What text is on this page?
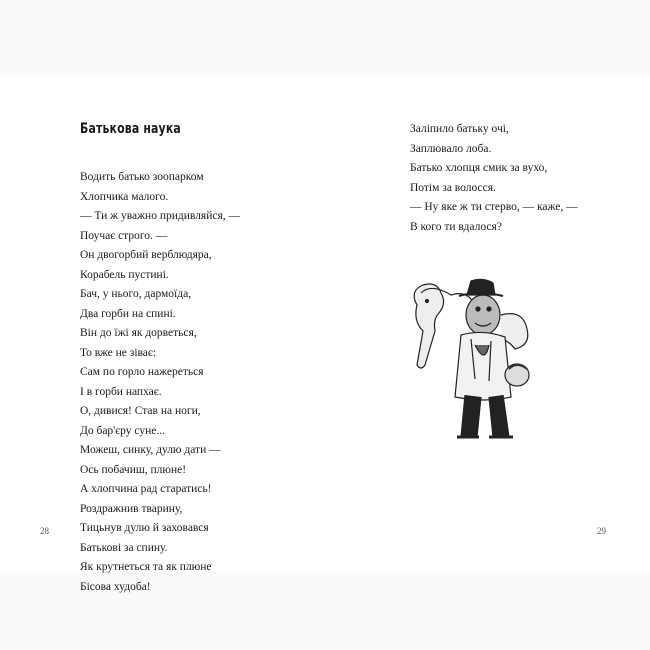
Батькова наука
Водить батько зоопарком
Хлопчика малого.
— Ти ж уважно придивляйся, —
Поучає строго. —
Он двогорбий верблюдяра,
Корабель пустині.
Бач, у нього, дармоїда,
Два горби на спині.
Він до їжі як дорветься,
То вже не зіває:
Сам по горло нажереться
І в горби напхає.
О, дивися! Став на ноги,
До бар'єру суне...
Можеш, синку, дулю дати —
Ось побачиш, плюне!
А хлопчина рад старатись!
Роздражнив тварину,
Тицьнув дулю й заховався
Батькові за спину.
Як крутнеться та як плюне
Бісова худоба!
Заліпило батьку очі,
Заплювало лоба.
Батько хлопця смик за вухо,
Потім за волосся.
— Ну яке ж ти стерво, — каже, —
В кого ти вдалося?
28	29
